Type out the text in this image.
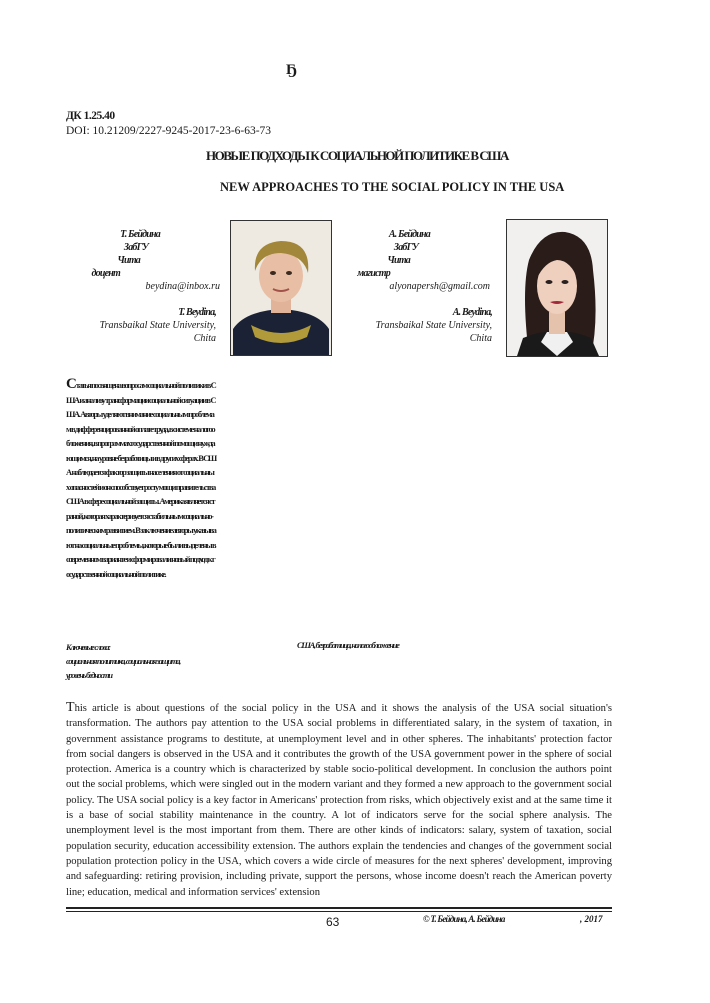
Ҕ
ДК 1.25.40
DOI: 10.21209/2227-9245-2017-23-6-63-73
НОВЫЕ ПОДХОДЫ К СОЦИАЛЬНОЙ ПОЛИТИКЕ В США
NEW APPROACHES TO THE SOCIAL POLICY IN THE USA
Т. Бейдина
ЗабГУ
Чита
доцент
beydina@inbox.ru
T. Beydina,
Transbaikal State University,
Chita
А. Бейдина
ЗабГУ
Чита
магистр
alyonapersh@gmail.com
A. Beydina,
Transbaikal State University,
Chita
Статья посвящена вопросам социальной политики в США и анализу трансформации социальной ситуации в США. Авторы уделяют внимание социальным проблемам в дифференцированной оплате труда, в системе налогообложения, в программах государственной помощи нуждающимся, на уровне безработицы и в других сферах. В США наблюдается фактор защиты населения от социальных опасностей и он способствует росту мощи правительства США в сфере социальной защиты. Америка является страной, которая характеризуется стабильным социально-политическим развитием. В заключение авторы указывают на социальные проблемы, которые были выделены в современном варианте и сформировали новый подход к государственной социальной политике.
Ключевые слова:
социальная политика, социальная защита,
уровень бедности
США, безработица, налогообложение
This article is about questions of the social policy in the USA and it shows the analysis of the USA social situation's transformation. The authors pay attention to the USA social problems in differentiated salary, in the system of taxation, in government assistance programs to destitute, at unemployment level and in other spheres. The inhabitants' protection factor from social dangers is observed in the USA and it contributes the growth of the USA government power in the sphere of social protection. America is a country which is characterized by stable socio-political development. In conclusion the authors point out the social problems, which were singled out in the modern variant and they formed a new approach to the government social policy. The USA social policy is a key factor in Americans' protection from risks, which objectively exist and at the same time it is a base of social stability maintenance in the country. A lot of indicators serve for the social sphere analysis. The unemployment level is the most important from them. There are other kinds of indicators: salary, system of taxation, social population security, education accessibility extension. The authors explain the tendencies and changes of the government social population protection policy in the USA, which covers a wide circle of measures for the next spheres' development, improving and safeguarding: retiring provision, including private, support the persons, whose income doesn't reach the American poverty line; education, medical and information services' extension
63	© Т. Бейдина, А. Бейдина	, 2017
